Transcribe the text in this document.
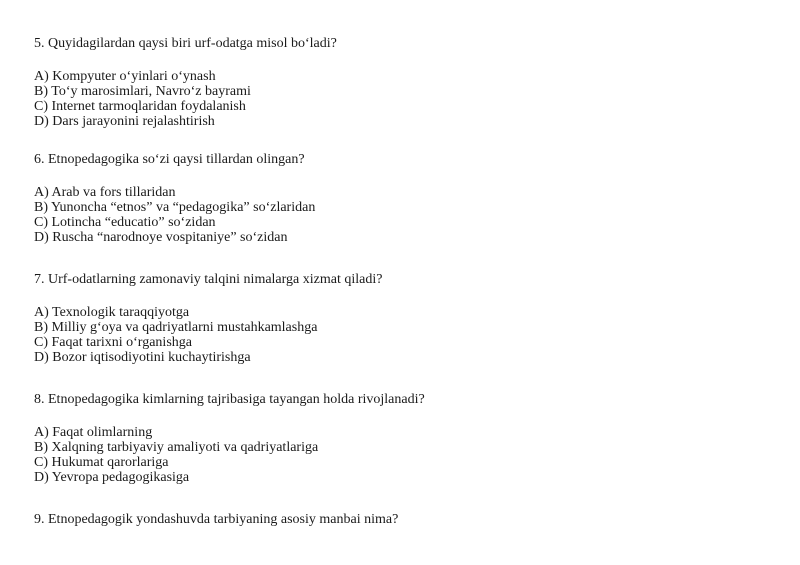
5. Quyidagilardan qaysi biri urf-odatga misol bo‘ladi?

A) Kompyuter o‘yinlari o‘ynash
B) To‘y marosimlari, Navro‘z bayrami
C) Internet tarmoqlaridan foydalanish
D) Dars jarayonini rejalashtirish

6. Etnopedagogika so‘zi qaysi tillardan olingan?

A) Arab va fors tillaridan
B) Yunoncha “etnos” va “pedagogika” so‘zlaridan
C) Lotincha “educatio” so‘zidan
D) Ruscha “narodnoye vospitaniye” so‘zidan

7. Urf-odatlarning zamonaviy talqini nimalarga xizmat qiladi?

A) Texnologik taraqqiyotga
B) Milliy g‘oya va qadriyatlarni mustahkamlashga
C) Faqat tarixni o‘rganishga
D) Bozor iqtisodiyotini kuchaytirishga

8. Etnopedagogika kimlarning tajribasiga tayangan holda rivojlanadi?

A) Faqat olimlarning
B) Xalqning tarbiyaviy amaliyoti va qadriyatlariga
C) Hukumat qarorlariga
D) Yevropa pedagogikasiga

9. Etnopedagogik yondashuvda tarbiyaning asosiy manbai nima?
